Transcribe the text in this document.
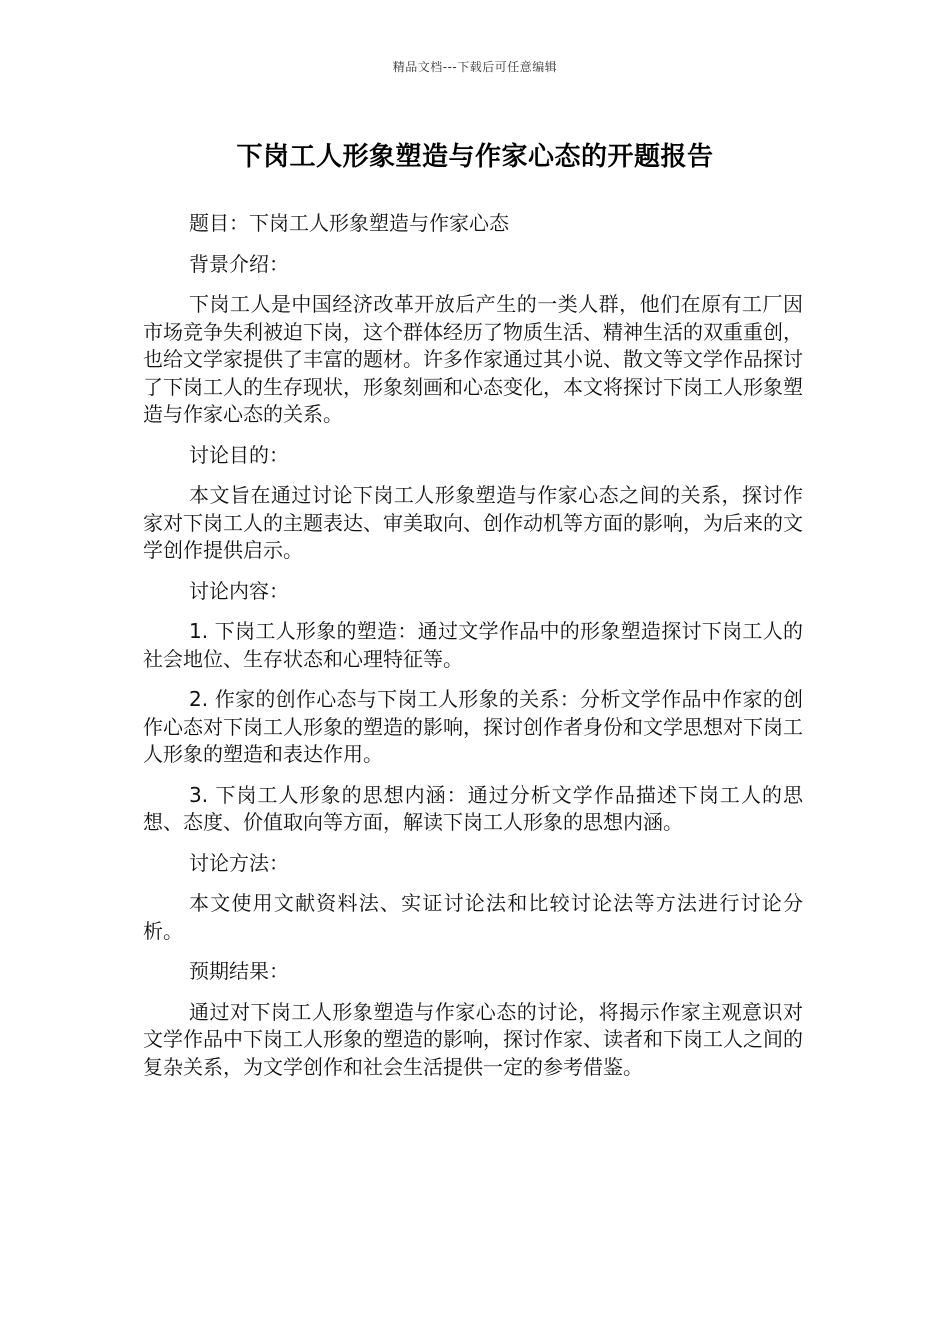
精品文档---下载后可任意编辑
下岗工人形象塑造与作家心态的开题报告

题目：下岗工人形象塑造与作家心态

背景介绍：

下岗工人是中国经济改革开放后产生的一类人群，他们在原有工厂因市场竞争失利被迫下岗，这个群体经历了物质生活、精神生活的双重重创，也给文学家提供了丰富的题材。许多作家通过其小说、散文等文学作品探讨了下岗工人的生存现状，形象刻画和心态变化，本文将探讨下岗工人形象塑造与作家心态的关系。

讨论目的：

本文旨在通过讨论下岗工人形象塑造与作家心态之间的关系，探讨作家对下岗工人的主题表达、审美取向、创作动机等方面的影响，为后来的文学创作提供启示。

讨论内容：

1. 下岗工人形象的塑造：通过文学作品中的形象塑造探讨下岗工人的社会地位、生存状态和心理特征等。

2. 作家的创作心态与下岗工人形象的关系：分析文学作品中作家的创作心态对下岗工人形象的塑造的影响，探讨创作者身份和文学思想对下岗工人形象的塑造和表达作用。

3. 下岗工人形象的思想内涵：通过分析文学作品描述下岗工人的思想、态度、价值取向等方面，解读下岗工人形象的思想内涵。

讨论方法：

本文使用文献资料法、实证讨论法和比较讨论法等方法进行讨论分析。

预期结果：

通过对下岗工人形象塑造与作家心态的讨论，将揭示作家主观意识对文学作品中下岗工人形象的塑造的影响，探讨作家、读者和下岗工人之间的复杂关系，为文学创作和社会生活提供一定的参考借鉴。
